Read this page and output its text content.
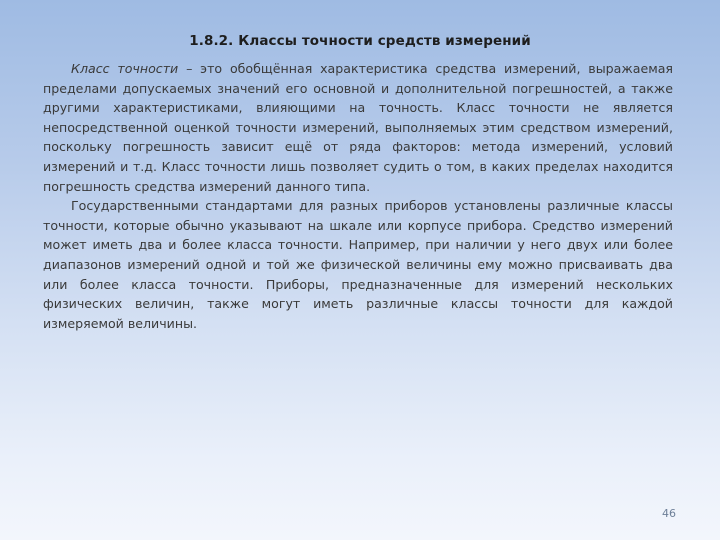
1.8.2. Классы точности средств измерений

Класс точности – это обобщённая характеристика средства измерений, выражаемая пределами допускаемых значений его основной и дополнительной погрешностей, а также другими характеристиками, влияющими на точность. Класс точности не является непосредственной оценкой точности измерений, выполняемых этим средством измерений, поскольку погрешность зависит ещё от ряда факторов: метода измерений, условий измерений и т.д. Класс точности лишь позволяет судить о том, в каких пределах находится погрешность средства измерений данного типа.

Государственными стандартами для разных приборов установлены различные классы точности, которые обычно указывают на шкале или корпусе прибора. Средство измерений может иметь два и более класса точности. Например, при наличии у него двух или более диапазонов измерений одной и той же физической величины ему можно присваивать два или более класса точности. Приборы, предназначенные для измерений нескольких физических величин, также могут иметь различные классы точности для каждой измеряемой величины.

46
